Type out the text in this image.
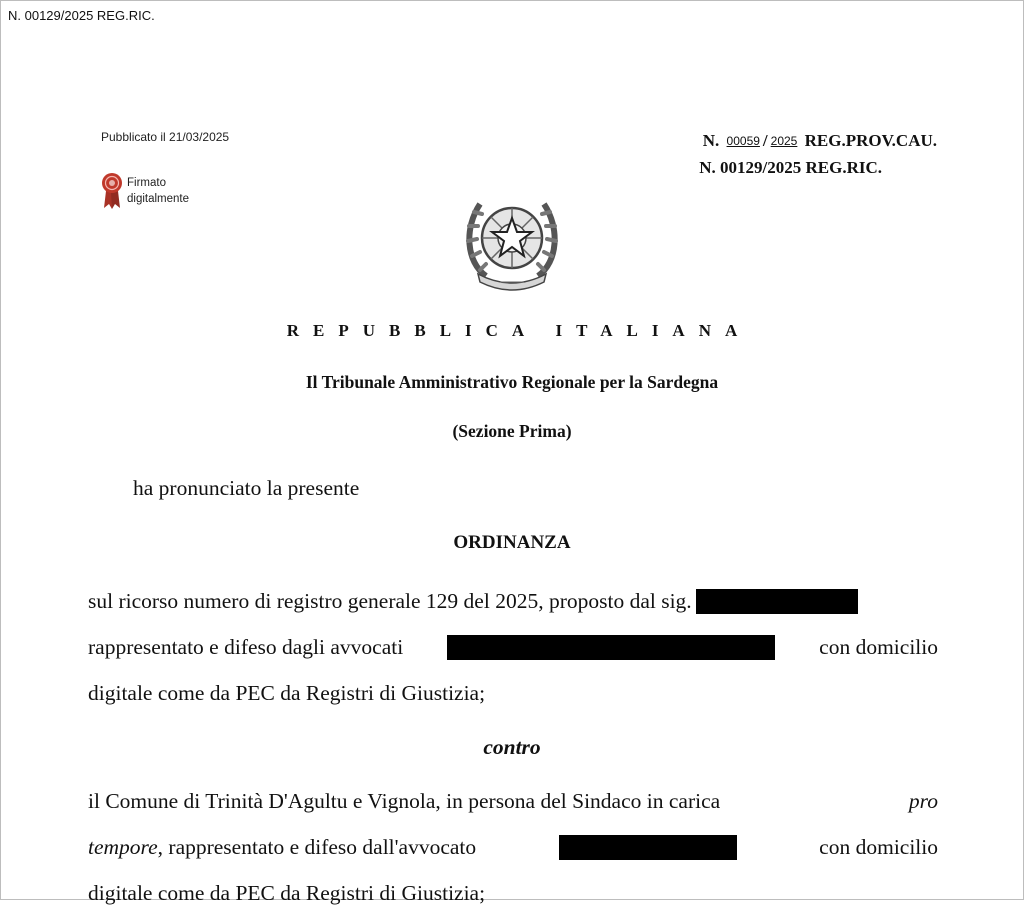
N. 00129/2025 REG.RIC.
Pubblicato il 21/03/2025
Firmato
digitalmente
N. 00059 / 2025 REG.PROV.CAU.
N. 00129/2025 REG.RIC.
REPUBBLICA ITALIANA
Il Tribunale Amministrativo Regionale per la Sardegna
(Sezione Prima)
ha pronunciato la presente
ORDINANZA
sul ricorso numero di registro generale 129 del 2025, proposto dal sig.
rappresentato e difeso dagli avvocati	con domicilio
digitale come da PEC da Registri di Giustizia;
contro
il Comune di Trinità D'Agultu e Vignola, in persona del Sindaco in carica	pro
tempore, rappresentato e difeso dall'avvocato	con domicilio
digitale come da PEC da Registri di Giustizia;
